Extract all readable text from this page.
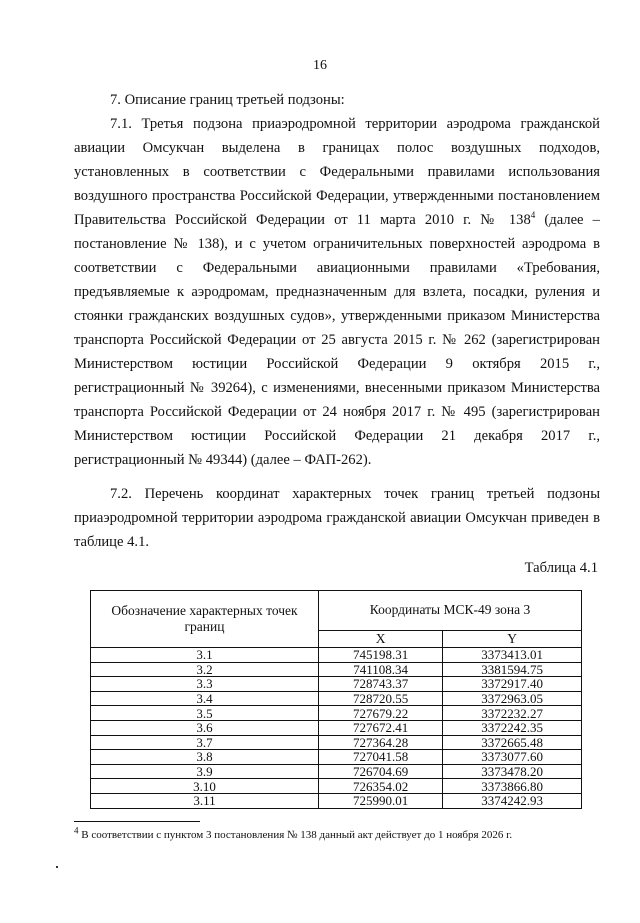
16
7. Описание границ третьей подзоны:

7.1. Третья подзона приаэродромной территории аэродрома гражданской авиации Омсукчан выделена в границах полос воздушных подходов, установленных в соответствии с Федеральными правилами использования воздушного пространства Российской Федерации, утвержденными постановлением Правительства Российской Федерации от 11 марта 2010 г. № $138^4$ (далее – постановление № 138), и с учетом ограничительных поверхностей аэродрома в соответствии с Федеральными авиационными правилами «Требования, предъявляемые к аэродромам, предназначенным для взлета, посадки, руления и стоянки гражданских воздушных судов», утвержденными приказом Министерства транспорта Российской Федерации от 25 августа 2015 г. № 262 (зарегистрирован Министерством юстиции Российской Федерации 9 октября 2015 г., регистрационный № 39264), с изменениями, внесенными приказом Министерства транспорта Российской Федерации от 24 ноября 2017 г. № 495 (зарегистрирован Министерством юстиции Российской Федерации 21 декабря 2017 г., регистрационный № 49344) (далее – ФАП-262).

7.2. Перечень координат характерных точек границ третьей подзоны приаэродромной территории аэродрома гражданской авиации Омсукчан приведен в таблице 4.1.

Таблица 4.1
Обозначение характерных точек границ	Координаты МСК-49 зона 3	
	X	Y
3.1	745198.31	3373413.01
3.2	741108.34	3381594.75
3.3	728743.37	3372917.40
3.4	728720.55	3372963.05
3.5	727679.22	3372232.27
3.6	727672.41	3372242.35
3.7	727364.28	3372665.48
3.8	727041.58	3373077.60
3.9	726704.69	3373478.20
3.10	726354.02	3373866.80
3.11	725990.01	3374242.93
$^4$ В соответствии с пунктом 3 постановления № 138 данный акт действует до 1 ноября 2026 г.
